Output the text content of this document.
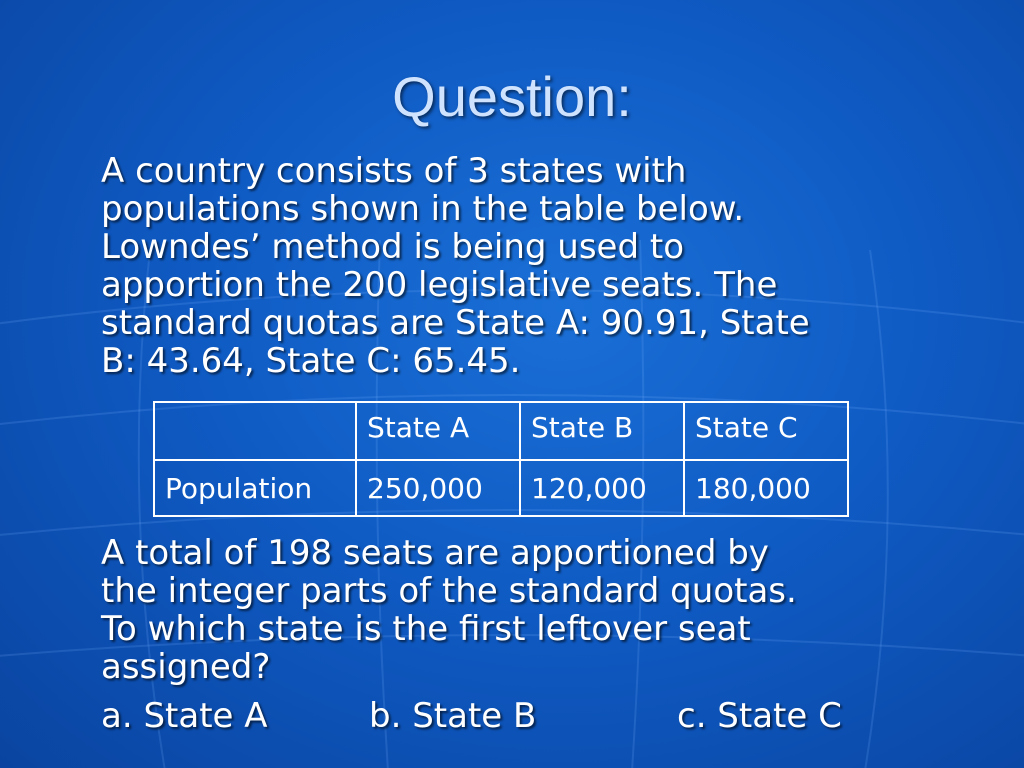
Question:
A country consists of 3 states with
populations shown in the table below.
Lowndes’ method is being used to
apportion the 200 legislative seats. The
standard quotas are State A: 90.91, State
B: 43.64, State C: 65.45.
	State A	State B	State C
Population	250,000	120,000	180,000
A total of 198 seats are apportioned by
the integer parts of the standard quotas.
To which state is the first leftover seat
assigned?
a. State A	b. State B	c. State C
